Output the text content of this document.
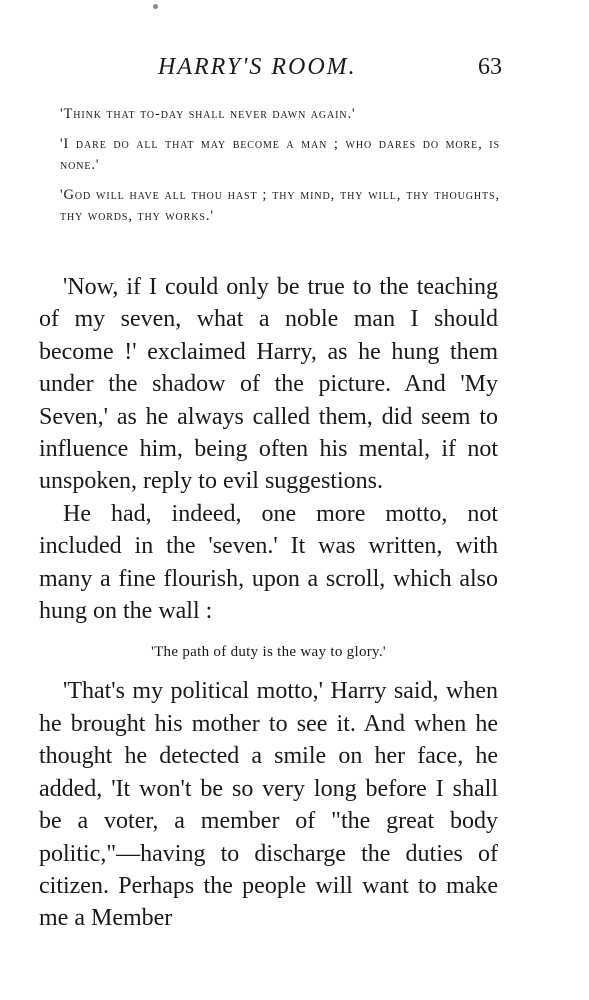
HARRY'S ROOM.	63

'Think that to-day shall never dawn again.'

'I dare do all that may become a man ; who dares do more, is none.'

'God will have all thou hast ; thy mind, thy will, thy thoughts, thy words, thy works.'

'Now, if I could only be true to the teaching of my seven, what a noble man I should become !' exclaimed Harry, as he hung them under the shadow of the picture. And 'My Seven,' as he always called them, did seem to influence him, being often his mental, if not unspoken, reply to evil suggestions.

He had, indeed, one more motto, not included in the 'seven.' It was written, with many a fine flourish, upon a scroll, which also hung on the wall :

'The path of duty is the way to glory.'

'That's my political motto,' Harry said, when he brought his mother to see it. And when he thought he detected a smile on her face, he added, 'It won't be so very long before I shall be a voter, a member of "the great body politic,"—having to discharge the duties of citizen. Perhaps the people will want to make me a Member
